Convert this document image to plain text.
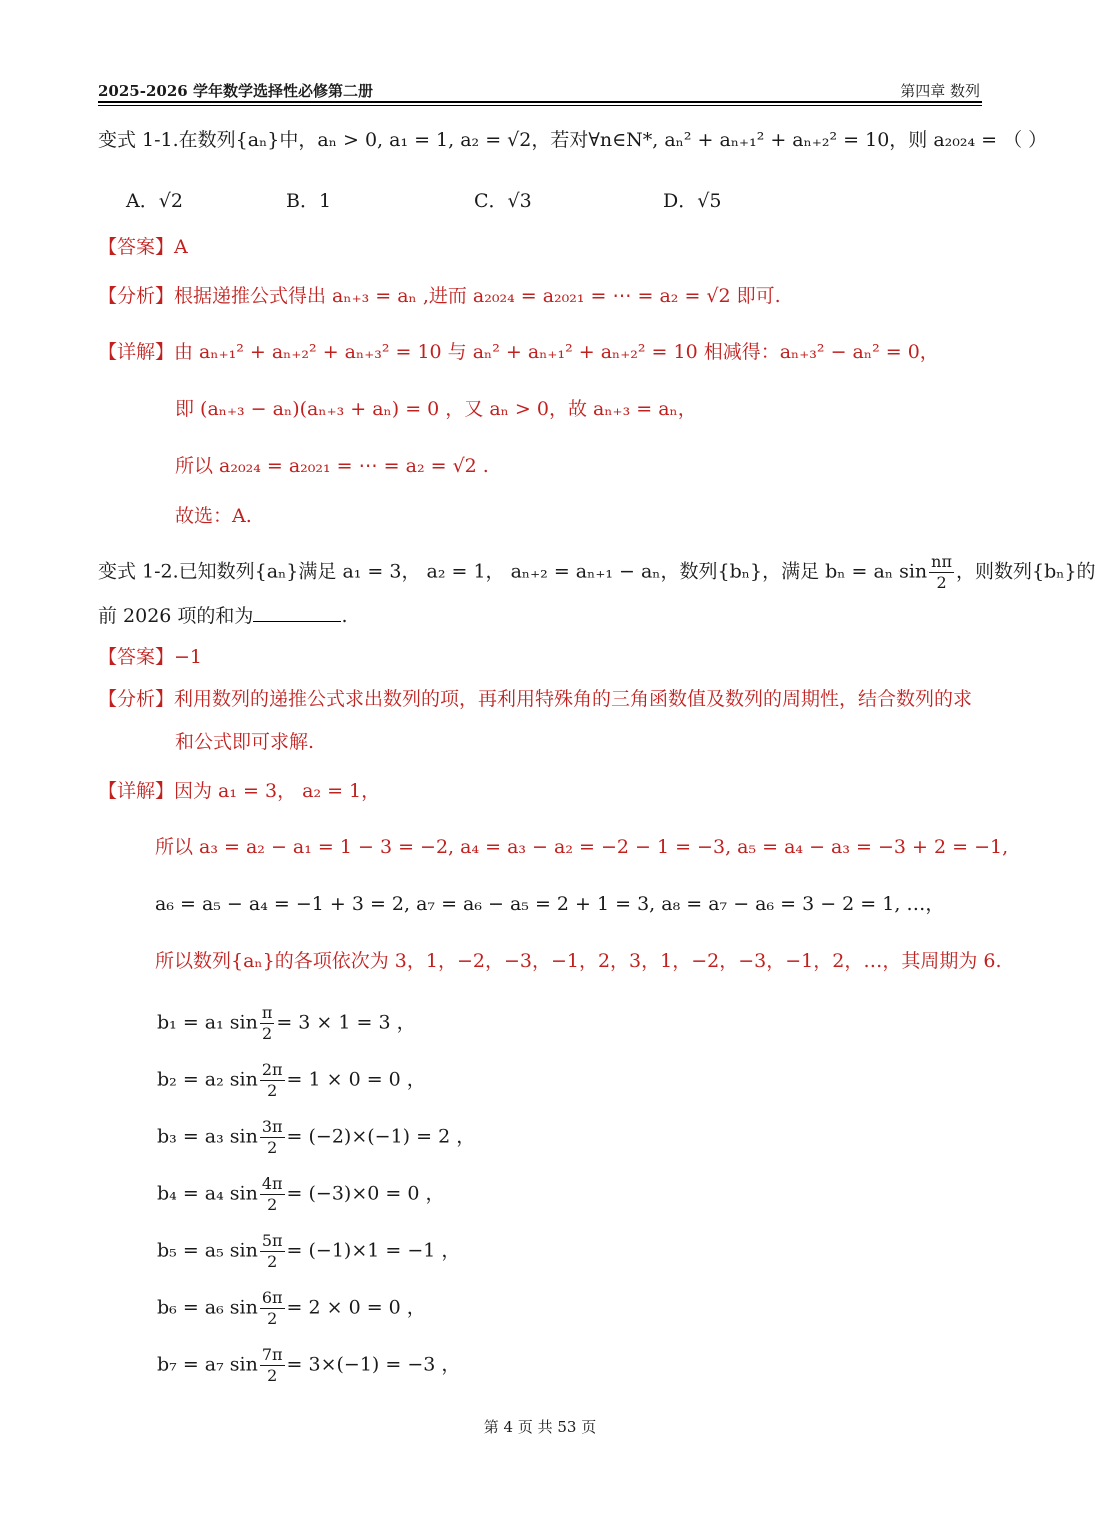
2025-2026 学年数学选择性必修第二册	第四章 数列
变式 1-1.在数列{aₙ}中，aₙ > 0, a₁ = 1, a₂ = √2，若对∀n∈N*, aₙ² + aₙ₊₁² + aₙ₊₂² = 10，则 a₂₀₂₄ = （ ）
A．√2	B．1	C．√3	D．√5
【答案】A
【分析】根据递推公式得出 aₙ₊₃ = aₙ ,进而 a₂₀₂₄ = a₂₀₂₁ = ⋯ = a₂ = √2 即可.
【详解】由 aₙ₊₁² + aₙ₊₂² + aₙ₊₃² = 10 与 aₙ² + aₙ₊₁² + aₙ₊₂² = 10 相减得：aₙ₊₃² − aₙ² = 0，
即 (aₙ₊₃ − aₙ)(aₙ₊₃ + aₙ) = 0 ，又 aₙ > 0，故 aₙ₊₃ = aₙ，
所以 a₂₀₂₄ = a₂₀₂₁ = ⋯ = a₂ = √2 .
故选：A.
变式 1-2.已知数列{aₙ}满足 a₁ = 3， a₂ = 1， aₙ₊₂ = aₙ₊₁ − aₙ，数列{bₙ}，满足 bₙ = aₙ $\sin \frac{n\pi}{2}$ ，则数列{bₙ}的
前 2026 项的和为	.
【答案】−1
【分析】利用数列的递推公式求出数列的项，再利用特殊角的三角函数值及数列的周期性，结合数列的求
和公式即可求解.
【详解】因为 a₁ = 3， a₂ = 1，
所以 a₃ = a₂ − a₁ = 1 − 3 = −2, a₄ = a₃ − a₂ = −2 − 1 = −3, a₅ = a₄ − a₃ = −3 + 2 = −1,
a₆ = a₅ − a₄ = −1 + 3 = 2, a₇ = a₆ − a₅ = 2 + 1 = 3, a₈ = a₇ − a₆ = 3 − 2 = 1, …，
所以数列{aₙ}的各项依次为 3，1，−2，−3，−1，2，3，1，−2，−3，−1，2，…，其周期为 6.
b₁ = a₁ $\sin \frac{\pi}{2} = 3 \times 1 = 3$ ，
b₂ = a₂ $\sin \frac{2\pi}{2} = 1 \times 0 = 0$ ，
b₃ = a₃ $\sin \frac{3\pi}{2} = (-2)\times(-1) = 2$ ，
b₄ = a₄ $\sin \frac{4\pi}{2} = (-3)\times 0 = 0$ ，
b₅ = a₅ $\sin \frac{5\pi}{2} = (-1)\times 1 = -1$ ，
b₆ = a₆ $\sin \frac{6\pi}{2} = 2 \times 0 = 0$ ，
b₇ = a₇ $\sin \frac{7\pi}{2} = 3\times(-1) = -3$ ，
第 4 页 共 53 页
